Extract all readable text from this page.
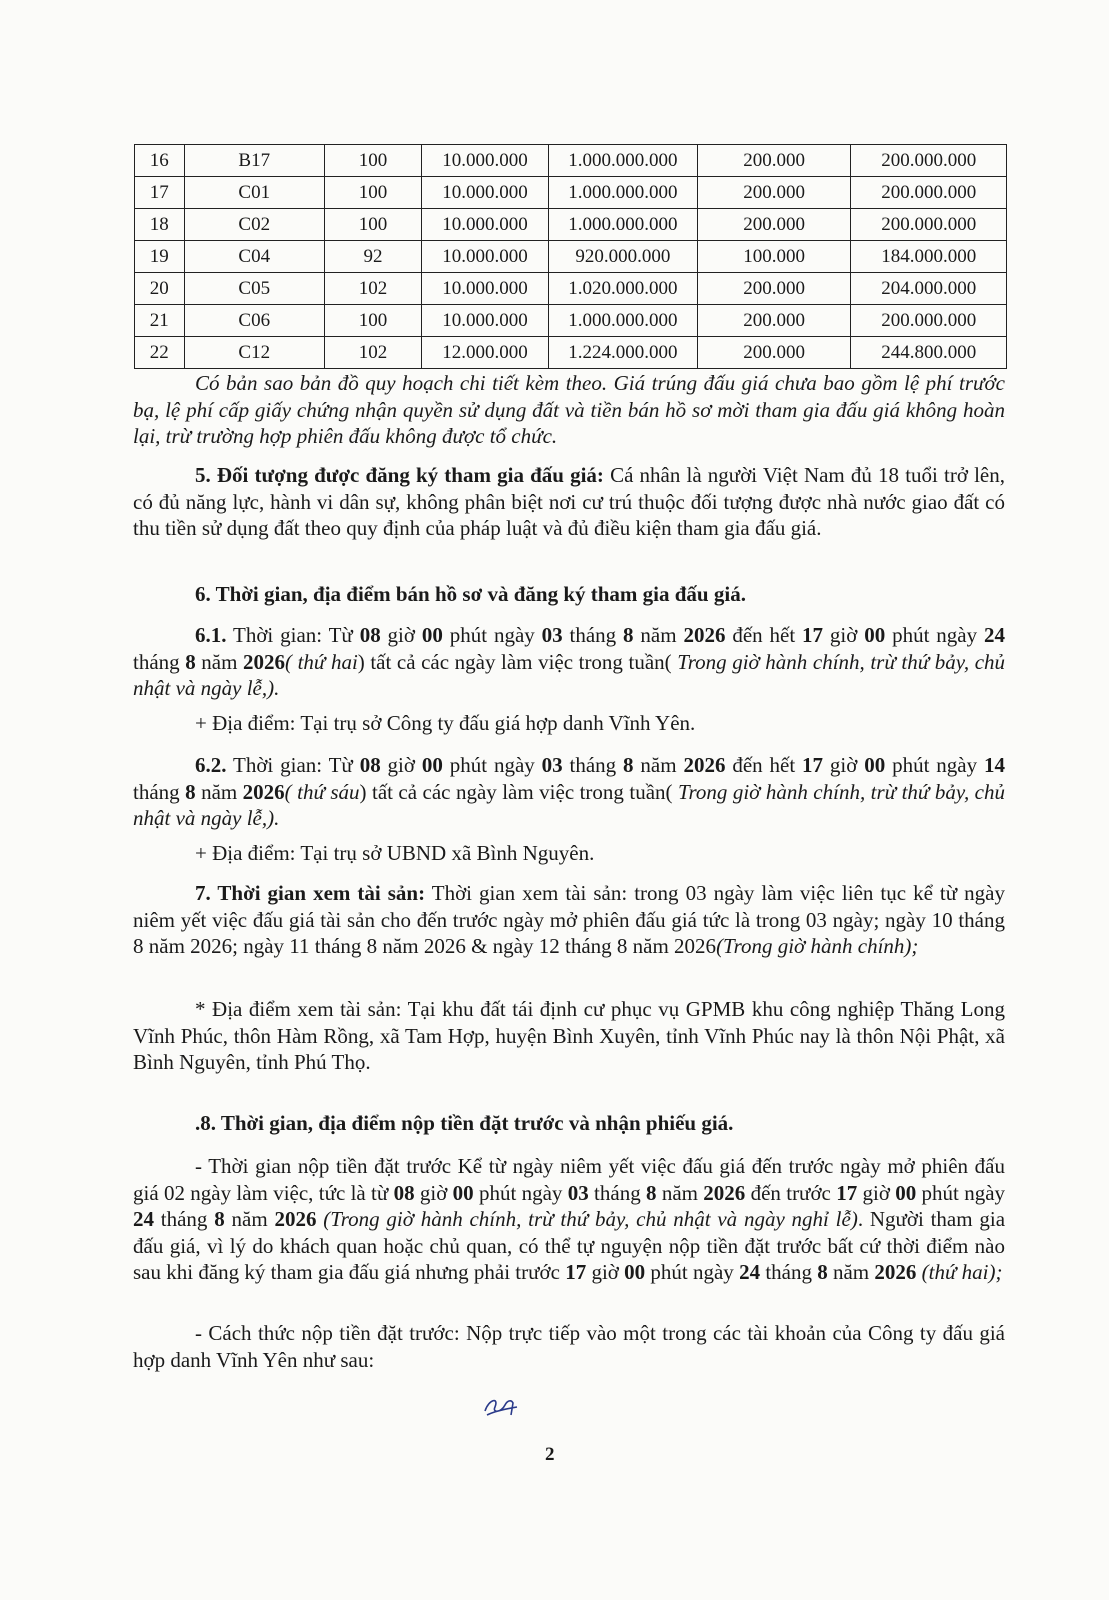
16	B17	100	10.000.000	1.000.000.000	200.000	200.000.000
17	C01	100	10.000.000	1.000.000.000	200.000	200.000.000
18	C02	100	10.000.000	1.000.000.000	200.000	200.000.000
19	C04	92	10.000.000	920.000.000	100.000	184.000.000
20	C05	102	10.000.000	1.020.000.000	200.000	204.000.000
21	C06	100	10.000.000	1.000.000.000	200.000	200.000.000
22	C12	102	12.000.000	1.224.000.000	200.000	244.800.000
Có bản sao bản đồ quy hoạch chi tiết kèm theo. Giá trúng đấu giá chưa bao gồm lệ phí trước bạ, lệ phí cấp giấy chứng nhận quyền sử dụng đất và tiền bán hồ sơ mời tham gia đấu giá không hoàn lại, trừ trường hợp phiên đấu không được tổ chức.
5. Đối tượng được đăng ký tham gia đấu giá: Cá nhân là người Việt Nam đủ 18 tuổi trở lên, có đủ năng lực, hành vi dân sự, không phân biệt nơi cư trú thuộc đối tượng được nhà nước giao đất có thu tiền sử dụng đất theo quy định của pháp luật và đủ điều kiện tham gia đấu giá.
6. Thời gian, địa điểm bán hồ sơ và đăng ký tham gia đấu giá.
6.1. Thời gian: Từ 08 giờ 00 phút ngày 03 tháng 8 năm 2026 đến hết 17 giờ 00 phút ngày 24 tháng 8 năm 2026( thứ hai) tất cả các ngày làm việc trong tuần( Trong giờ hành chính, trừ thứ bảy, chủ nhật và ngày lễ,).
+ Địa điểm: Tại trụ sở Công ty đấu giá hợp danh Vĩnh Yên.
6.2. Thời gian: Từ 08 giờ 00 phút ngày 03 tháng 8 năm 2026 đến hết 17 giờ 00 phút ngày 14 tháng 8 năm 2026( thứ sáu) tất cả các ngày làm việc trong tuần( Trong giờ hành chính, trừ thứ bảy, chủ nhật và ngày lễ,).
+ Địa điểm: Tại trụ sở UBND xã Bình Nguyên.
7. Thời gian xem tài sản: Thời gian xem tài sản: trong 03 ngày làm việc liên tục kể từ ngày niêm yết việc đấu giá tài sản cho đến trước ngày mở phiên đấu giá tức là trong 03 ngày; ngày 10 tháng 8 năm 2026; ngày 11 tháng 8 năm 2026 & ngày 12 tháng 8 năm 2026(Trong giờ hành chính);
* Địa điểm xem tài sản: Tại khu đất tái định cư phục vụ GPMB khu công nghiệp Thăng Long Vĩnh Phúc, thôn Hàm Rồng, xã Tam Hợp, huyện Bình Xuyên, tỉnh Vĩnh Phúc nay là thôn Nội Phật, xã Bình Nguyên, tỉnh Phú Thọ.
.8. Thời gian, địa điểm nộp tiền đặt trước và nhận phiếu giá.
- Thời gian nộp tiền đặt trước Kể từ ngày niêm yết việc đấu giá đến trước ngày mở phiên đấu giá 02 ngày làm việc, tức là từ 08 giờ 00 phút ngày 03 tháng 8 năm 2026 đến trước 17 giờ 00 phút ngày 24 tháng 8 năm 2026 (Trong giờ hành chính, trừ thứ bảy, chủ nhật và ngày nghỉ lễ). Người tham gia đấu giá, vì lý do khách quan hoặc chủ quan, có thể tự nguyện nộp tiền đặt trước bất cứ thời điểm nào sau khi đăng ký tham gia đấu giá nhưng phải trước 17 giờ 00 phút ngày 24 tháng 8 năm 2026 (thứ hai);
- Cách thức nộp tiền đặt trước: Nộp trực tiếp vào một trong các tài khoản của Công ty đấu giá hợp danh Vĩnh Yên như sau:
2
